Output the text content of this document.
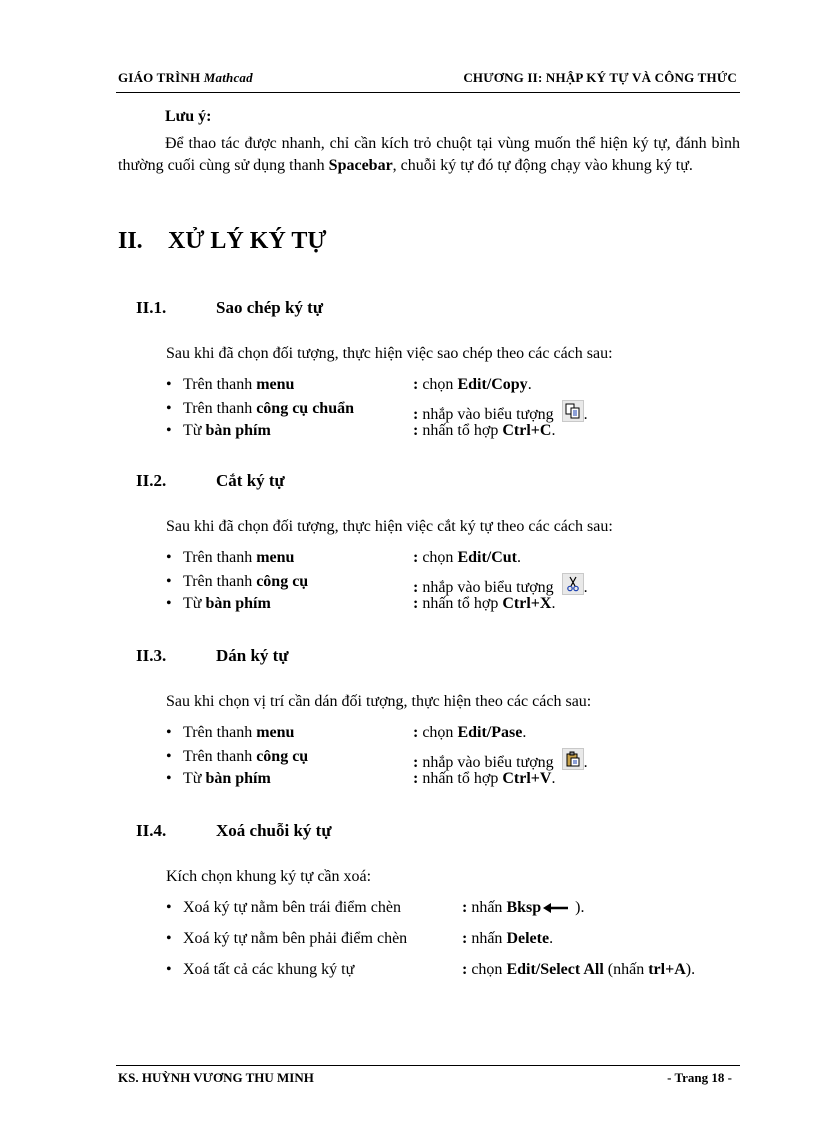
GIÁO TRÌNH Mathcad	CHƯƠNG II: NHẬP KÝ TỰ VÀ CÔNG THỨC
Lưu ý:
Để thao tác được nhanh, chỉ cần kích trỏ chuột tại vùng muốn thể hiện ký tự, đánh bình thường cuối cùng sử dụng thanh Spacebar, chuỗi ký tự đó tự động chạy vào khung ký tự.
II. XỬ LÝ KÝ TỰ
II.1.	Sao chép ký tự
Sau khi đã chọn đối tượng, thực hiện việc sao chép theo các cách sau:
• Trên thanh menu	: chọn Edit/Copy.
• Trên thanh công cụ chuẩn	: nhắp vào biểu tượng
.
• Từ bàn phím	: nhấn tổ hợp Ctrl+C.
II.2.	Cắt ký tự
Sau khi đã chọn đối tượng, thực hiện việc cắt ký tự theo các cách sau:
• Trên thanh menu	: chọn Edit/Cut.
• Trên thanh công cụ	: nhắp vào biểu tượng
.
• Từ bàn phím	: nhấn tổ hợp Ctrl+X.
II.3.	Dán ký tự
Sau khi chọn vị trí cần dán đối tượng, thực hiện theo các cách sau:
• Trên thanh menu	: chọn Edit/Pase.
• Trên thanh công cụ	: nhắp vào biểu tượng
.
• Từ bàn phím	: nhấn tổ hợp Ctrl+V.
II.4.	Xoá chuỗi ký tự
Kích chọn khung ký tự cần xoá:
• Xoá ký tự nằm bên trái điểm chèn	: nhấn Bksp ).
• Xoá ký tự nằm bên phải điểm chèn	: nhấn Delete.
• Xoá tất cả các khung ký tự	: chọn Edit/Select All (nhấn trl+A).
KS. HUỲNH VƯƠNG THU MINH	- Trang 18 -
